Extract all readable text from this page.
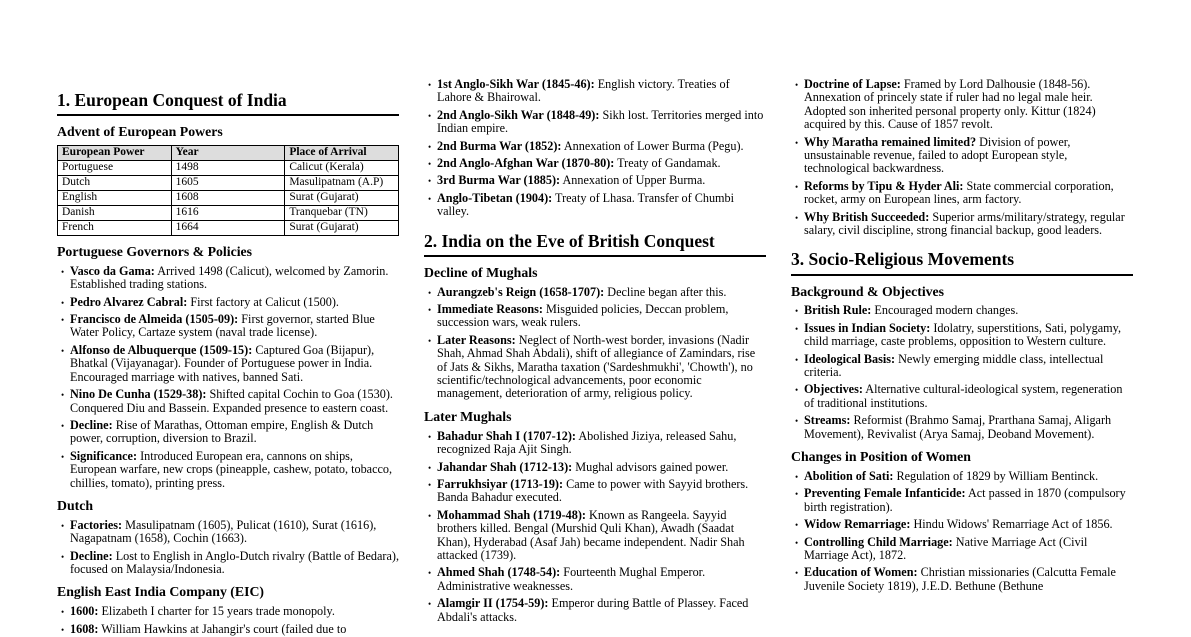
1. European Conquest of India
Advent of European Powers
European Power	Year	Place of Arrival
Portuguese	1498	Calicut (Kerala)
Dutch	1605	Masulipatnam (A.P)
English	1608	Surat (Gujarat)
Danish	1616	Tranquebar (TN)
French	1664	Surat (Gujarat)
Portuguese Governors & Policies
• Vasco da Gama: Arrived 1498 (Calicut), welcomed by Zamorin. Established trading stations.
• Pedro Alvarez Cabral: First factory at Calicut (1500).
• Francisco de Almeida (1505-09): First governor, started Blue Water Policy, Cartaze system (naval trade license).
• Alfonso de Albuquerque (1509-15): Captured Goa (Bijapur), Bhatkal (Vijayanagar). Founder of Portuguese power in India. Encouraged marriage with natives, banned Sati.
• Nino De Cunha (1529-38): Shifted capital Cochin to Goa (1530). Conquered Diu and Bassein. Expanded presence to eastern coast.
• Decline: Rise of Marathas, Ottoman empire, English & Dutch power, corruption, diversion to Brazil.
• Significance: Introduced European era, cannons on ships, European warfare, new crops (pineapple, cashew, potato, tobacco, chillies, tomato), printing press.
Dutch
• Factories: Masulipatnam (1605), Pulicat (1610), Surat (1616), Nagapatnam (1658), Cochin (1663).
• Decline: Lost to English in Anglo-Dutch rivalry (Battle of Bedara), focused on Malaysia/Indonesia.
English East India Company (EIC)
• 1600: Elizabeth I charter for 15 years trade monopoly.
• 1608: William Hawkins at Jahangir's court (failed due to
• 1st Anglo-Sikh War (1845-46): English victory. Treaties of Lahore & Bhairowal.
• 2nd Anglo-Sikh War (1848-49): Sikh lost. Territories merged into Indian empire.
• 2nd Burma War (1852): Annexation of Lower Burma (Pegu).
• 2nd Anglo-Afghan War (1870-80): Treaty of Gandamak.
• 3rd Burma War (1885): Annexation of Upper Burma.
• Anglo-Tibetan (1904): Treaty of Lhasa. Transfer of Chumbi valley.
2. India on the Eve of British Conquest
Decline of Mughals
• Aurangzeb's Reign (1658-1707): Decline began after this.
• Immediate Reasons: Misguided policies, Deccan problem, succession wars, weak rulers.
• Later Reasons: Neglect of North-west border, invasions (Nadir Shah, Ahmad Shah Abdali), shift of allegiance of Zamindars, rise of Jats & Sikhs, Maratha taxation ('Sardeshmukhi', 'Chowth'), no scientific/technological advancements, poor economic management, deterioration of army, religious policy.
Later Mughals
• Bahadur Shah I (1707-12): Abolished Jiziya, released Sahu, recognized Raja Ajit Singh.
• Jahandar Shah (1712-13): Mughal advisors gained power.
• Farrukhsiyar (1713-19): Came to power with Sayyid brothers. Banda Bahadur executed.
• Mohammad Shah (1719-48): Known as Rangeela. Sayyid brothers killed. Bengal (Murshid Quli Khan), Awadh (Saadat Khan), Hyderabad (Asaf Jah) became independent. Nadir Shah attacked (1739).
• Ahmed Shah (1748-54): Fourteenth Mughal Emperor. Administrative weaknesses.
• Alamgir II (1754-59): Emperor during Battle of Plassey. Faced Abdali's attacks.
• Doctrine of Lapse: Framed by Lord Dalhousie (1848-56). Annexation of princely state if ruler had no legal male heir. Adopted son inherited personal property only. Kittur (1824) acquired by this. Cause of 1857 revolt.
• Why Maratha remained limited? Division of power, unsustainable revenue, failed to adopt European style, technological backwardness.
• Reforms by Tipu & Hyder Ali: State commercial corporation, rocket, army on European lines, arm factory.
• Why British Succeeded: Superior arms/military/strategy, regular salary, civil discipline, strong financial backup, good leaders.
3. Socio-Religious Movements
Background & Objectives
• British Rule: Encouraged modern changes.
• Issues in Indian Society: Idolatry, superstitions, Sati, polygamy, child marriage, caste problems, opposition to Western culture.
• Ideological Basis: Newly emerging middle class, intellectual criteria.
• Objectives: Alternative cultural-ideological system, regeneration of traditional institutions.
• Streams: Reformist (Brahmo Samaj, Prarthana Samaj, Aligarh Movement), Revivalist (Arya Samaj, Deoband Movement).
Changes in Position of Women
• Abolition of Sati: Regulation of 1829 by William Bentinck.
• Preventing Female Infanticide: Act passed in 1870 (compulsory birth registration).
• Widow Remarriage: Hindu Widows' Remarriage Act of 1856.
• Controlling Child Marriage: Native Marriage Act (Civil Marriage Act), 1872.
• Education of Women: Christian missionaries (Calcutta Female Juvenile Society 1819), J.E.D. Bethune (Bethune
